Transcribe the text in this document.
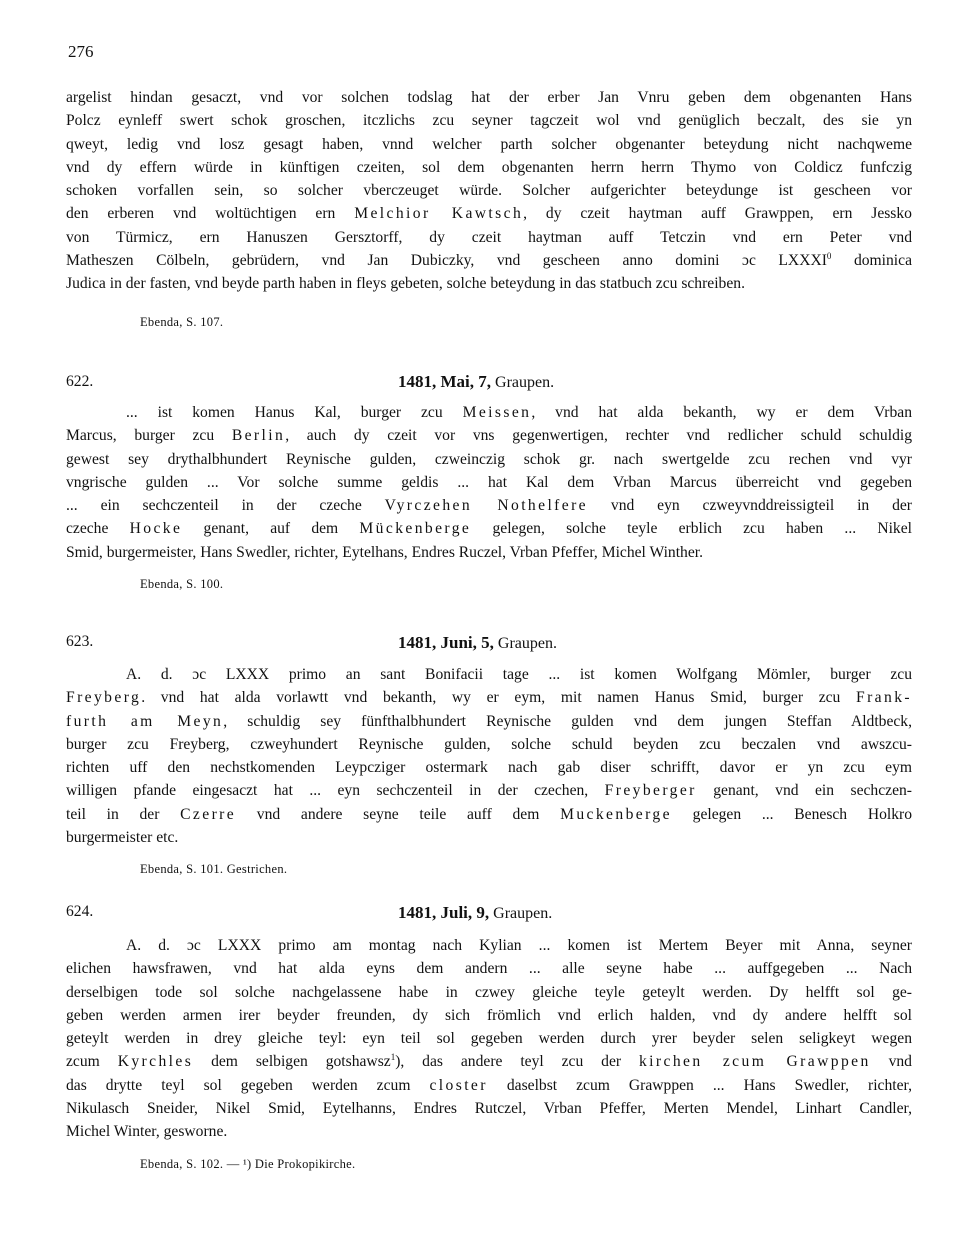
276
argelist hindan gesaczt, vnd vor solchen todslag hat der erber Jan Vnru geben dem obgenanten Hans
Polcz eynleff swert schok groschen, itczlichs zcu seyner tagczeit wol vnd genüglich beczalt, des sie yn
qweyt, ledig vnd losz gesagt haben, vnnd welcher parth solcher obgenanter beteydung nicht nachqweme
vnd dy effern würde in künftigen czeiten, sol dem obgenanten herrn herrn Thymo von Coldicz funfczig
schoken vorfallen sein, so solcher vberczeuget würde. Solcher aufgerichter beteydunge ist gescheen vor
den erberen vnd woltüchtigen ern Melchior Kawtsch, dy czeit haytman auff Grawppen, ern Jessko
von Türmicz, ern Hanuszen Gersztorff, dy czeit haytman auff Tetczin vnd ern Peter vnd
Matheszen Cölbeln, gebrüdern, vnd Jan Dubiczky, vnd gescheen anno domini ɔc LXXXI$^0$ dominica
Judica in der fasten, vnd beyde parth haben in fleys gebeten, solche beteydung in das statbuch zcu schreiben.
Ebenda, S. 107.
622.	1481, Mai, 7, Graupen.
... ist komen Hanus Kal, burger zcu Meissen, vnd hat alda bekanth, wy er dem Vrban
Marcus, burger zcu Berlin, auch dy czeit vor vns gegenwertigen, rechter vnd redlicher schuld schuldig
gewest sey drythalbhundert Reynische gulden, czweinczig schok gr. nach swertgelde zcu rechen vnd vyr
vngrische gulden ... Vor solche summe geldis ... hat Kal dem Vrban Marcus überreicht vnd gegeben
... ein sechczenteil in der czeche Vyrczehen Nothelfere vnd eyn czweyvnddreissigteil in der
czeche Hocke genant, auf dem Mückenberge gelegen, solche teyle erblich zcu haben ... Nikel
Smid, burgermeister, Hans Swedler, richter, Eytelhans, Endres Ruczel, Vrban Pfeffer, Michel Winther.
Ebenda, S. 100.
623.	1481, Juni, 5, Graupen.
A. d. ɔc LXXX primo an sant Bonifacii tage ... ist komen Wolfgang Mömler, burger zcu
Freyberg. vnd hat alda vorlawtt vnd bekanth, wy er eym, mit namen Hanus Smid, burger zcu Frank-
furth am Meyn, schuldig sey fünfthalbhundert Reynische gulden vnd dem jungen Steffan Aldtbeck,
burger zcu Freyberg, czweyhundert Reynische gulden, solche schuld beyden zcu beczalen vnd awszcu-
richten uff den nechstkomenden Leypcziger ostermark nach gab diser schrifft, davor er yn zcu eym
willigen pfande eingesaczt hat ... eyn sechczenteil in der czechen, Freyberger genant, vnd ein sechczen-
teil in der Czerre vnd andere seyne teile auff dem Muckenberge gelegen ... Benesch Holkro
burgermeister etc.
Ebenda, S. 101. Gestrichen.
624.	1481, Juli, 9, Graupen.
A. d. ɔc LXXX primo am montag nach Kylian ... komen ist Mertem Beyer mit Anna, seyner
elichen hawsfrawen, vnd hat alda eyns dem andern ... alle seyne habe ... auffgegeben ... Nach
derselbigen tode sol solche nachgelassene habe in czwey gleiche teyle geteylt werden. Dy helfft sol ge-
geben werden armen irer beyder freunden, dy sich frömlich vnd erlich halden, vnd dy andere helfft sol
geteylt werden in drey gleiche teyl: eyn teil sol gegeben werden durch yrer beyder selen seligkeyt wegen
zcum Kyrchles dem selbigen gotshawsz$^1$), das andere teyl zcu der kirchen zcum Grawppen vnd
das drytte teyl sol gegeben werden zcum closter daselbst zcum Grawppen ... Hans Swedler, richter,
Nikulasch Sneider, Nikel Smid, Eytelhanns, Endres Rutczel, Vrban Pfeffer, Merten Mendel, Linhart Candler,
Michel Winter, gesworne.
Ebenda, S. 102. — ¹) Die Prokopikirche.
